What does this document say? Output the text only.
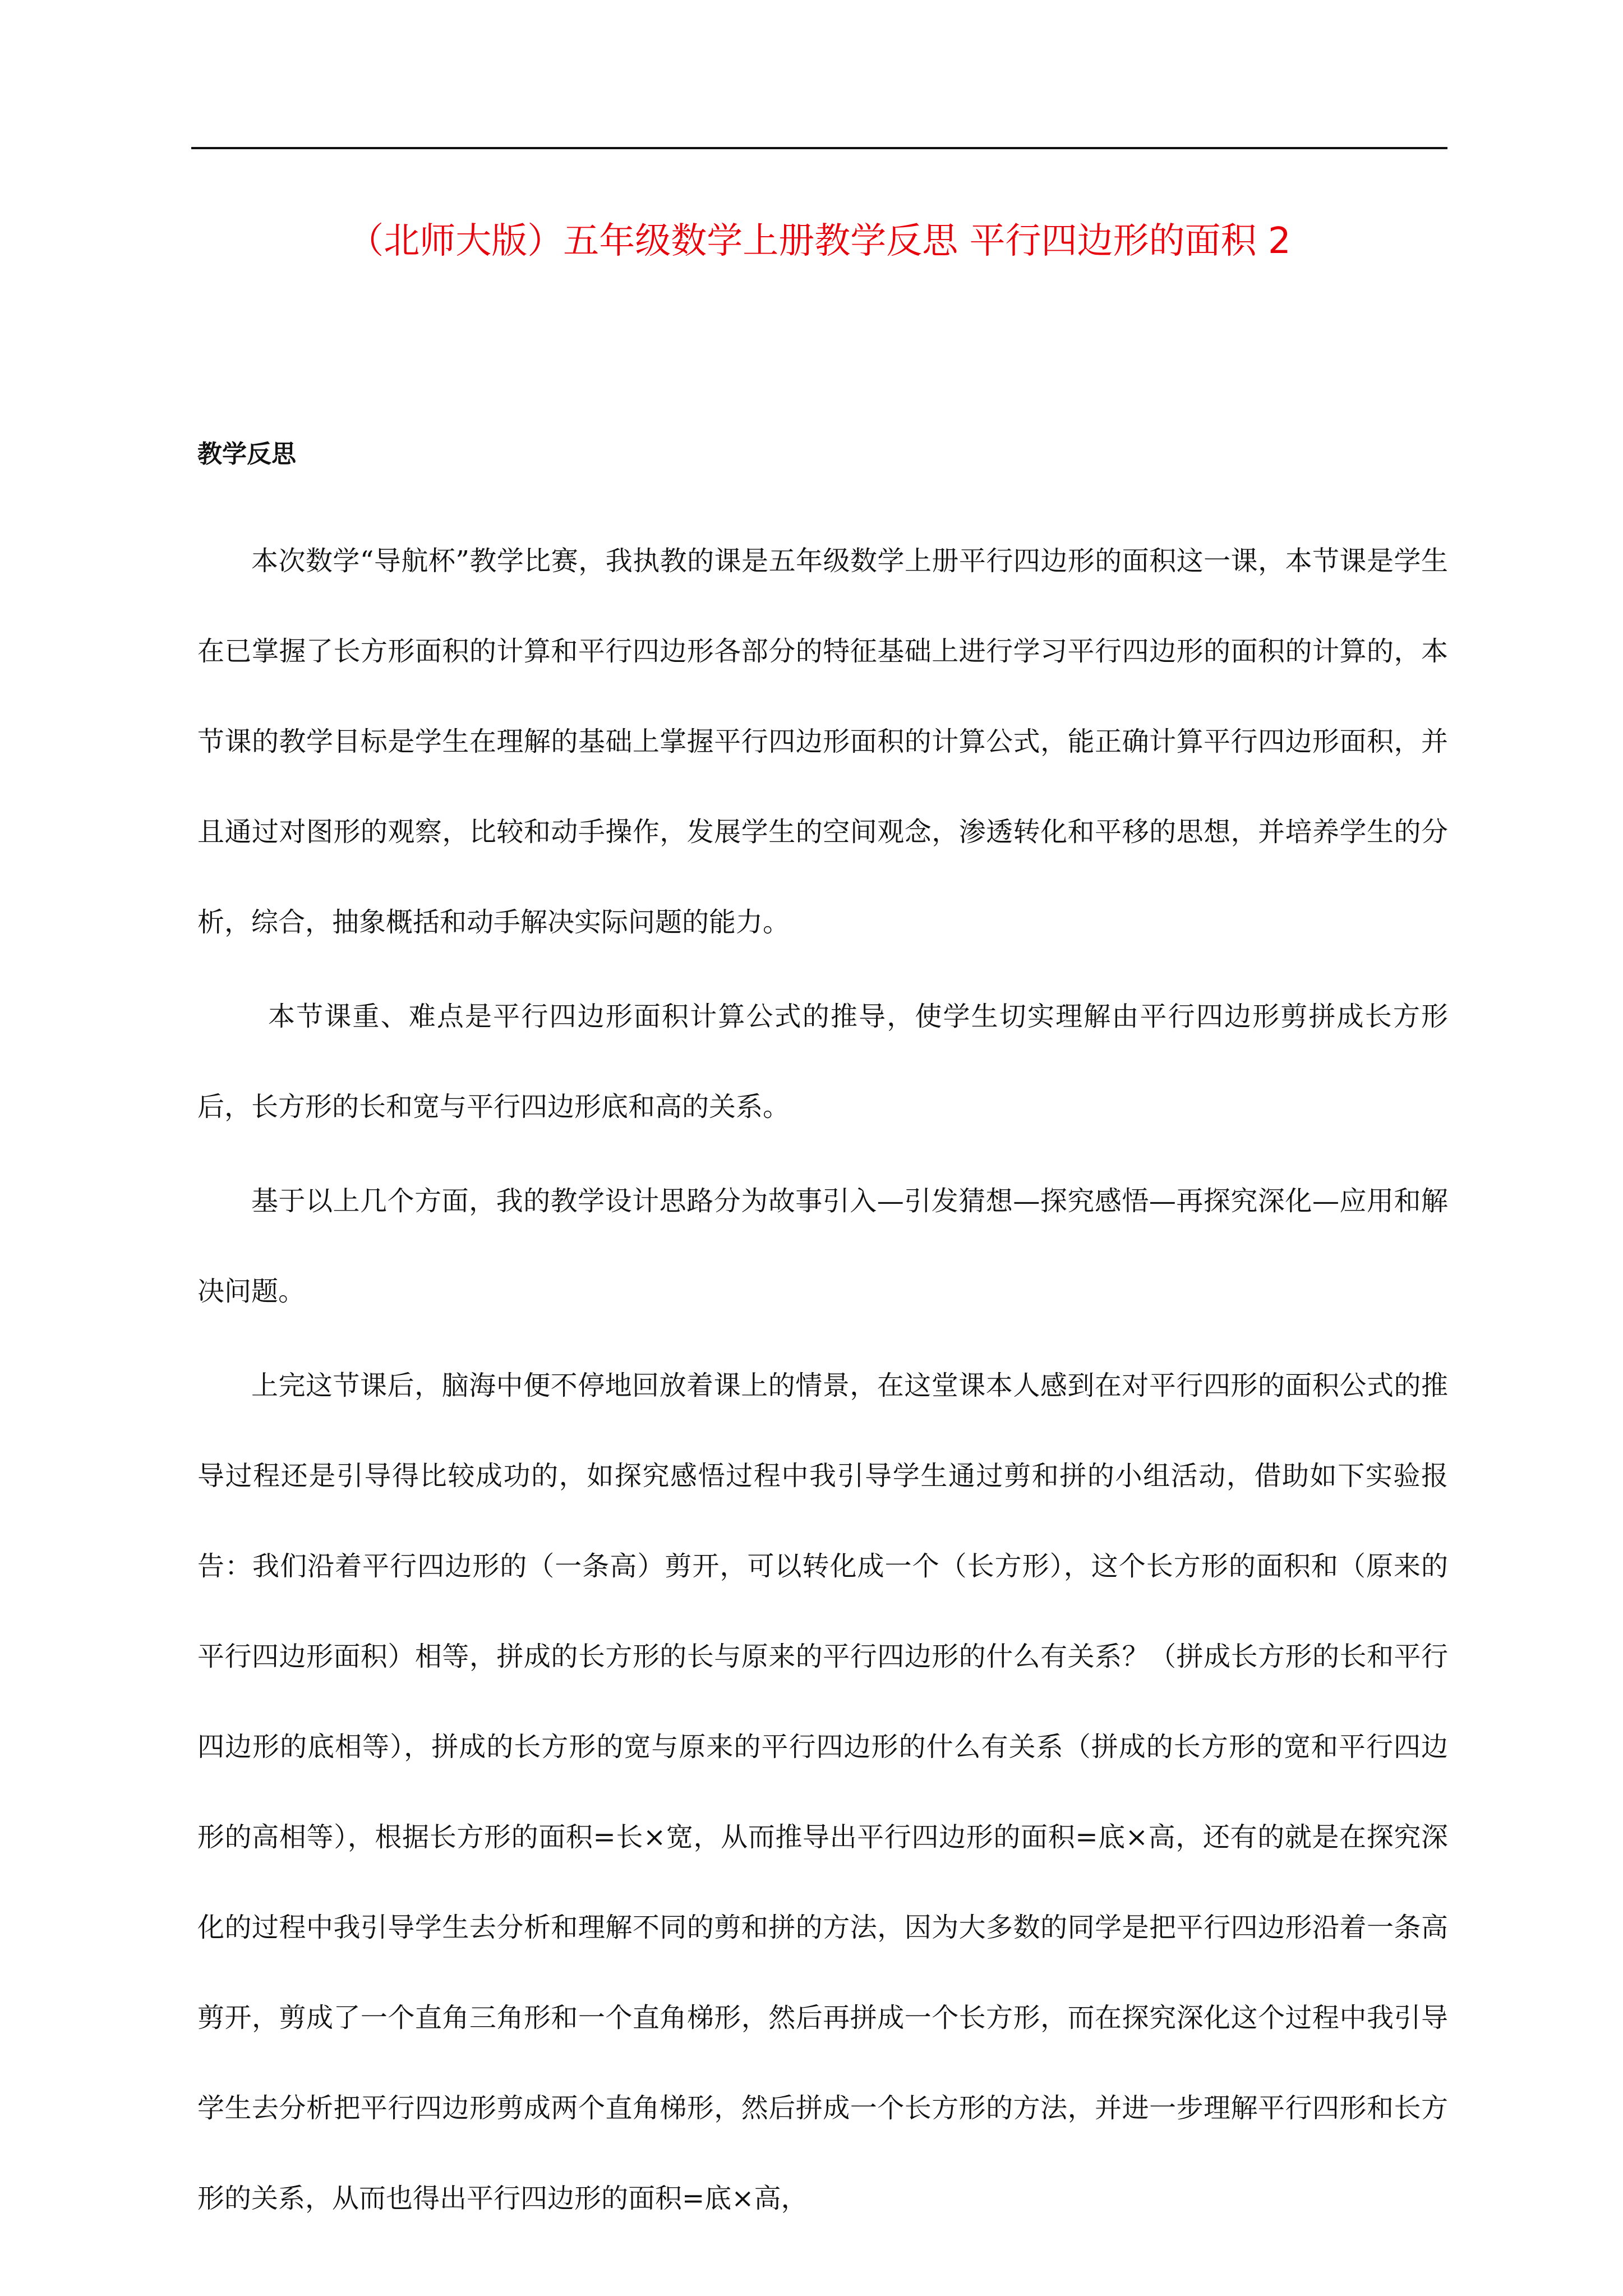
（北师大版）五年级数学上册教学反思 平行四边形的面积 2
教学反思

本次数学“导航杯”教学比赛，我执教的课是五年级数学上册平行四边形的面积这一课，本节课是学生在已掌握了长方形面积的计算和平行四边形各部分的特征基础上进行学习平行四边形的面积的计算的，本节课的教学目标是学生在理解的基础上掌握平行四边形面积的计算公式，能正确计算平行四边形面积，并且通过对图形的观察，比较和动手操作，发展学生的空间观念，渗透转化和平移的思想，并培养学生的分析，综合，抽象概括和动手解决实际问题的能力。

本节课重、难点是平行四边形面积计算公式的推导，使学生切实理解由平行四边形剪拼成长方形后，长方形的长和宽与平行四边形底和高的关系。

基于以上几个方面，我的教学设计思路分为故事引入—引发猜想—探究感悟—再探究深化—应用和解决问题。

上完这节课后，脑海中便不停地回放着课上的情景，在这堂课本人感到在对平行四形的面积公式的推导过程还是引导得比较成功的，如探究感悟过程中我引导学生通过剪和拼的小组活动，借助如下实验报告：我们沿着平行四边形的（一条高）剪开，可以转化成一个（长方形），这个长方形的面积和（原来的平行四边形面积）相等，拼成的长方形的长与原来的平行四边形的什么有关系？（拼成长方形的长和平行四边形的底相等），拼成的长方形的宽与原来的平行四边形的什么有关系（拼成的长方形的宽和平行四边形的高相等），根据长方形的面积=长×宽，从而推导出平行四边形的面积=底×高，还有的就是在探究深化的过程中我引导学生去分析和理解不同的剪和拼的方法，因为大多数的同学是把平行四边形沿着一条高剪开，剪成了一个直角三角形和一个直角梯形，然后再拼成一个长方形，而在探究深化这个过程中我引导学生去分析把平行四边形剪成两个直角梯形，然后拼成一个长方形的方法，并进一步理解平行四形和长方形的关系，从而也得出平行四边形的面积=底×高，
